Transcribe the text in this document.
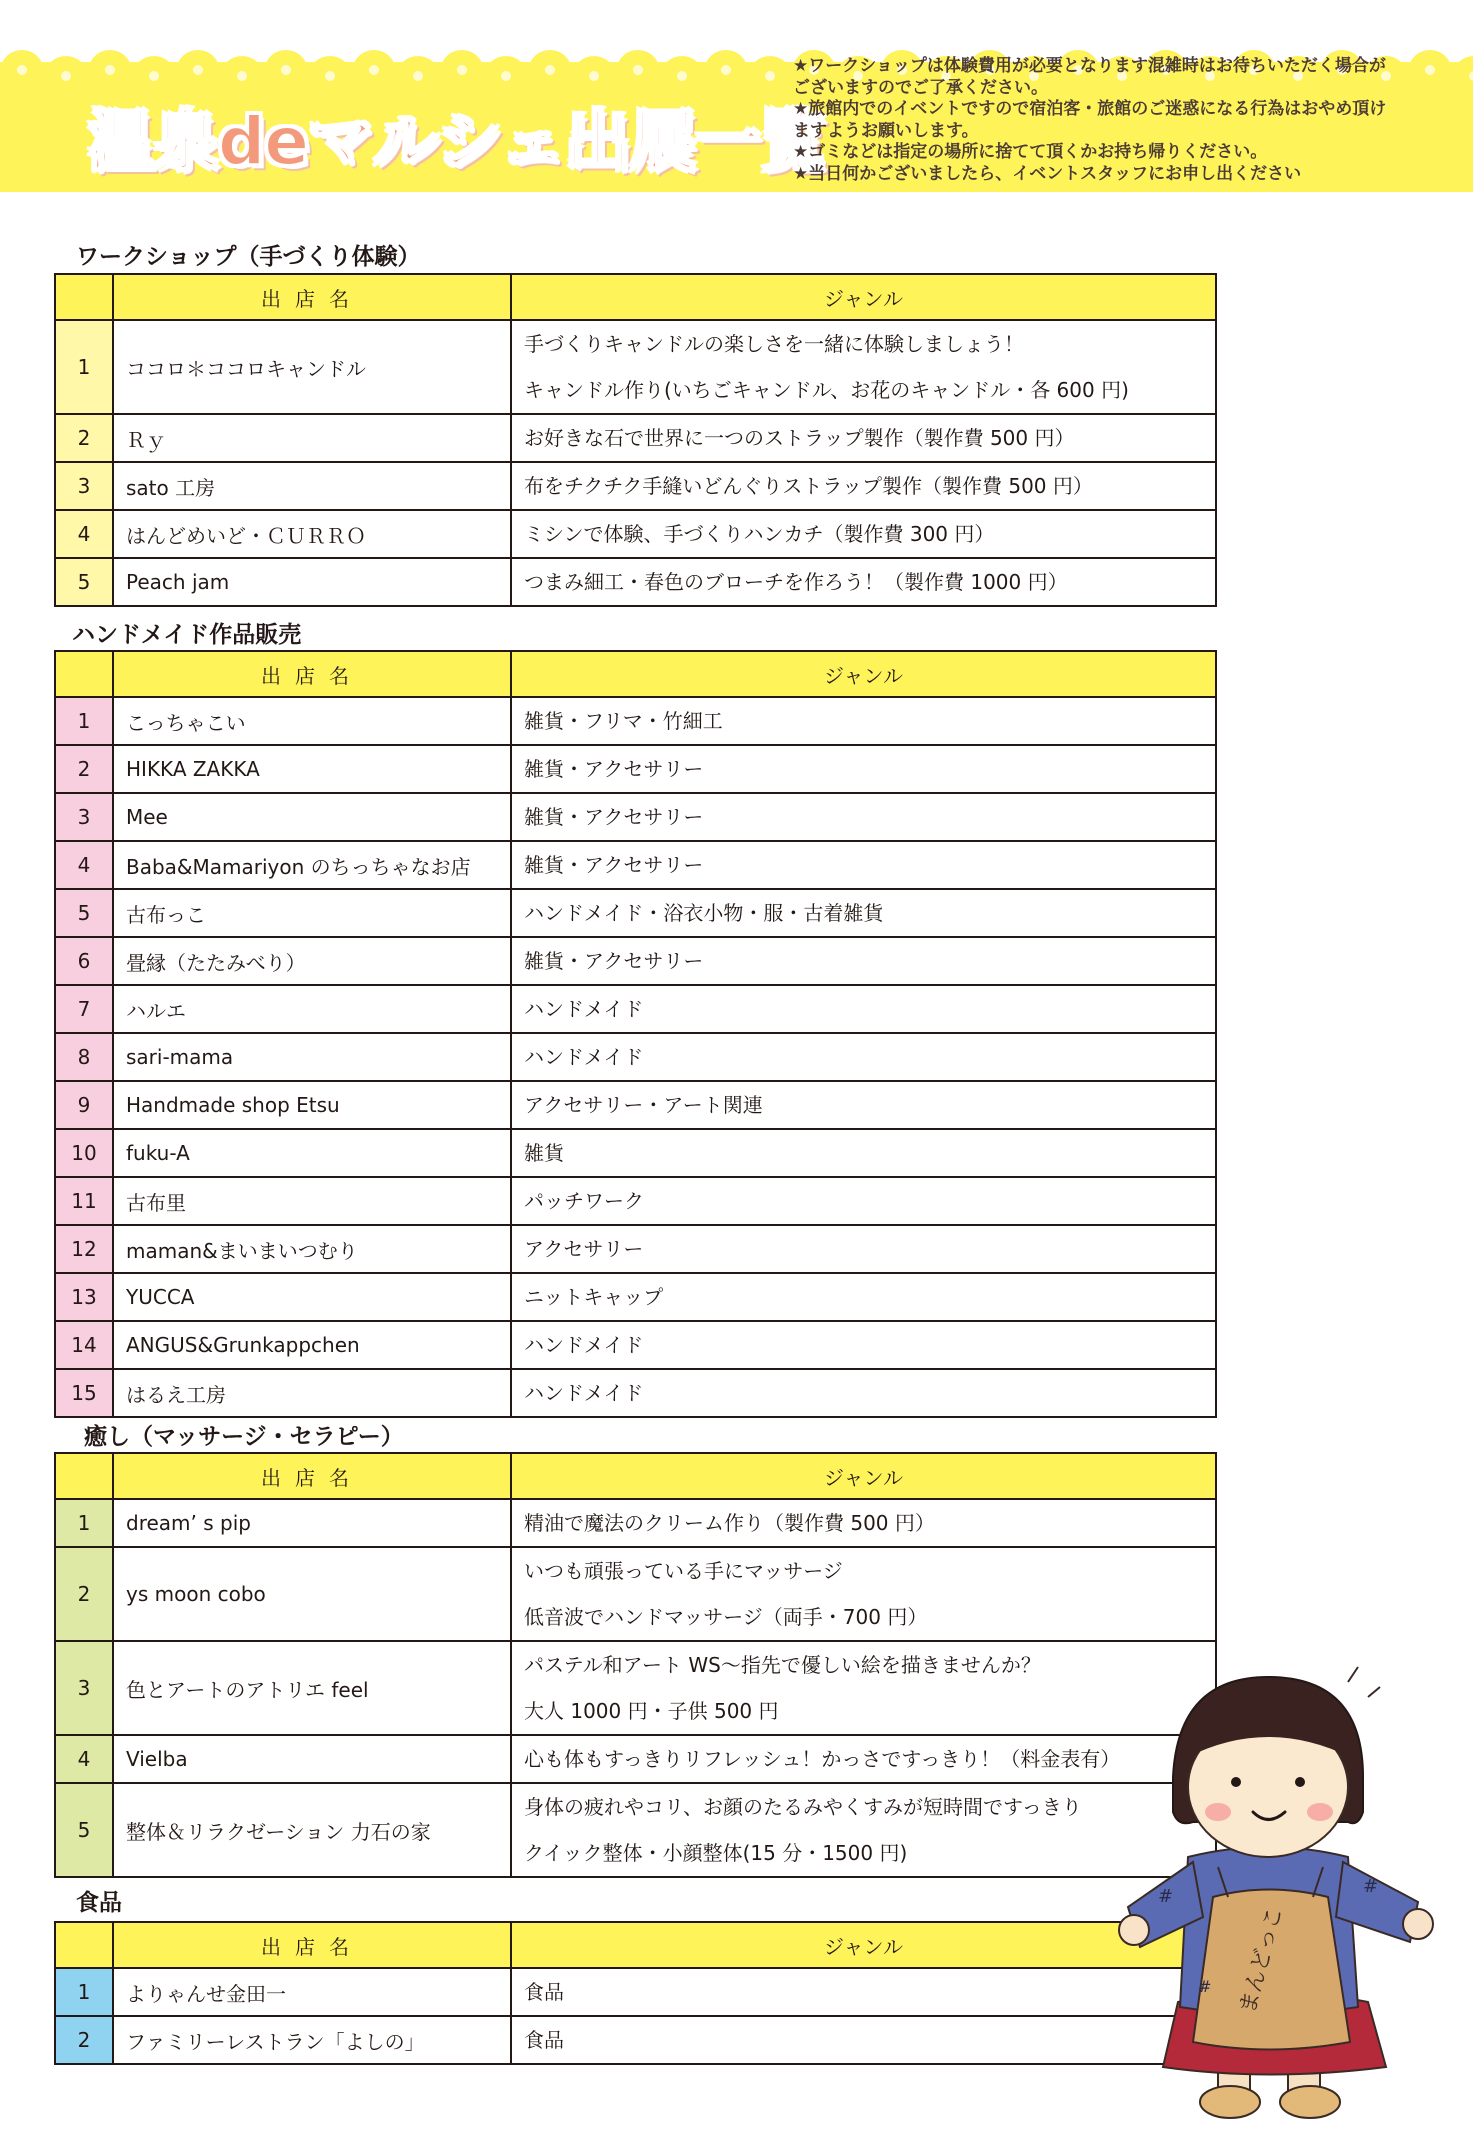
温泉deマルシェ出展一覧
★ワークショップは体験費用が必要となります混雑時はお待ちいただく場合が
ございますのでご了承ください。
★旅館内でのイベントですので宿泊客・旅館のご迷惑になる行為はおやめ頂け
ますようお願いします。
★ゴミなどは指定の場所に捨てて頂くかお持ち帰りください。
★当日何かございましたら、イベントスタッフにお申し出ください
ワークショップ（手づくり体験）
	出店名	ジャンル
1	ココロ＊ココロキャンドル	手づくりキャンドルの楽しさを一緒に体験しましょう！
キャンドル作り(いちごキャンドル、お花のキャンドル・各 600 円)

2	Ｒｙ	お好きな石で世界に一つのストラップ製作（製作費 500 円）

3	sato 工房	布をチクチク手縫いどんぐりストラップ製作（製作費 500 円）

4	はんどめいど・ＣＵＲＲＯ	ミシンで体験、手づくりハンカチ（製作費 300 円）

5	Peach jam	つまみ細工・春色のブローチを作ろう！（製作費 1000 円）
ハンドメイド作品販売
	出店名	ジャンル
1	こっちゃこい	雑貨・フリマ・竹細工

2	HIKKA ZAKKA	雑貨・アクセサリー

3	Mee	雑貨・アクセサリー

4	Baba&Mamariyon のちっちゃなお店	雑貨・アクセサリー

5	古布っこ	ハンドメイド・浴衣小物・服・古着雑貨

6	畳縁（たたみべり）	雑貨・アクセサリー

7	ハルエ	ハンドメイド

8	sari-mama	ハンドメイド

9	Handmade shop Etsu	アクセサリー・アート関連

10	fuku-A	雑貨

11	古布里	パッチワーク

12	maman&まいまいつむり	アクセサリー

13	YUCCA	ニットキャップ

14	ANGUS&Grunkappchen	ハンドメイド

15	はるえ工房	ハンドメイド
癒し（マッサージ・セラピー）
	出店名	ジャンル
1	dream’ s pip	精油で魔法のクリーム作り（製作費 500 円）

2	ys moon cobo	いつも頑張っている手にマッサージ
低音波でハンドマッサージ（両手・700 円）

3	色とアートのアトリエ feel	パステル和アート WS〜指先で優しい絵を描きませんか？
大人 1000 円・子供 500 円

4	Vielba	心も体もすっきりリフレッシュ！かっさですっきり！（料金表有）

5	整体＆リラクゼーション 力石の家	身体の疲れやコリ、お顔のたるみやくすみが短時間ですっきり
クイック整体・小顔整体(15 分・1500 円)
食品
	出店名	ジャンル
1	よりゃんせ金田一	食品

2	ファミリーレストラン「よしの」	食品
まんどっこ
#	#
#
